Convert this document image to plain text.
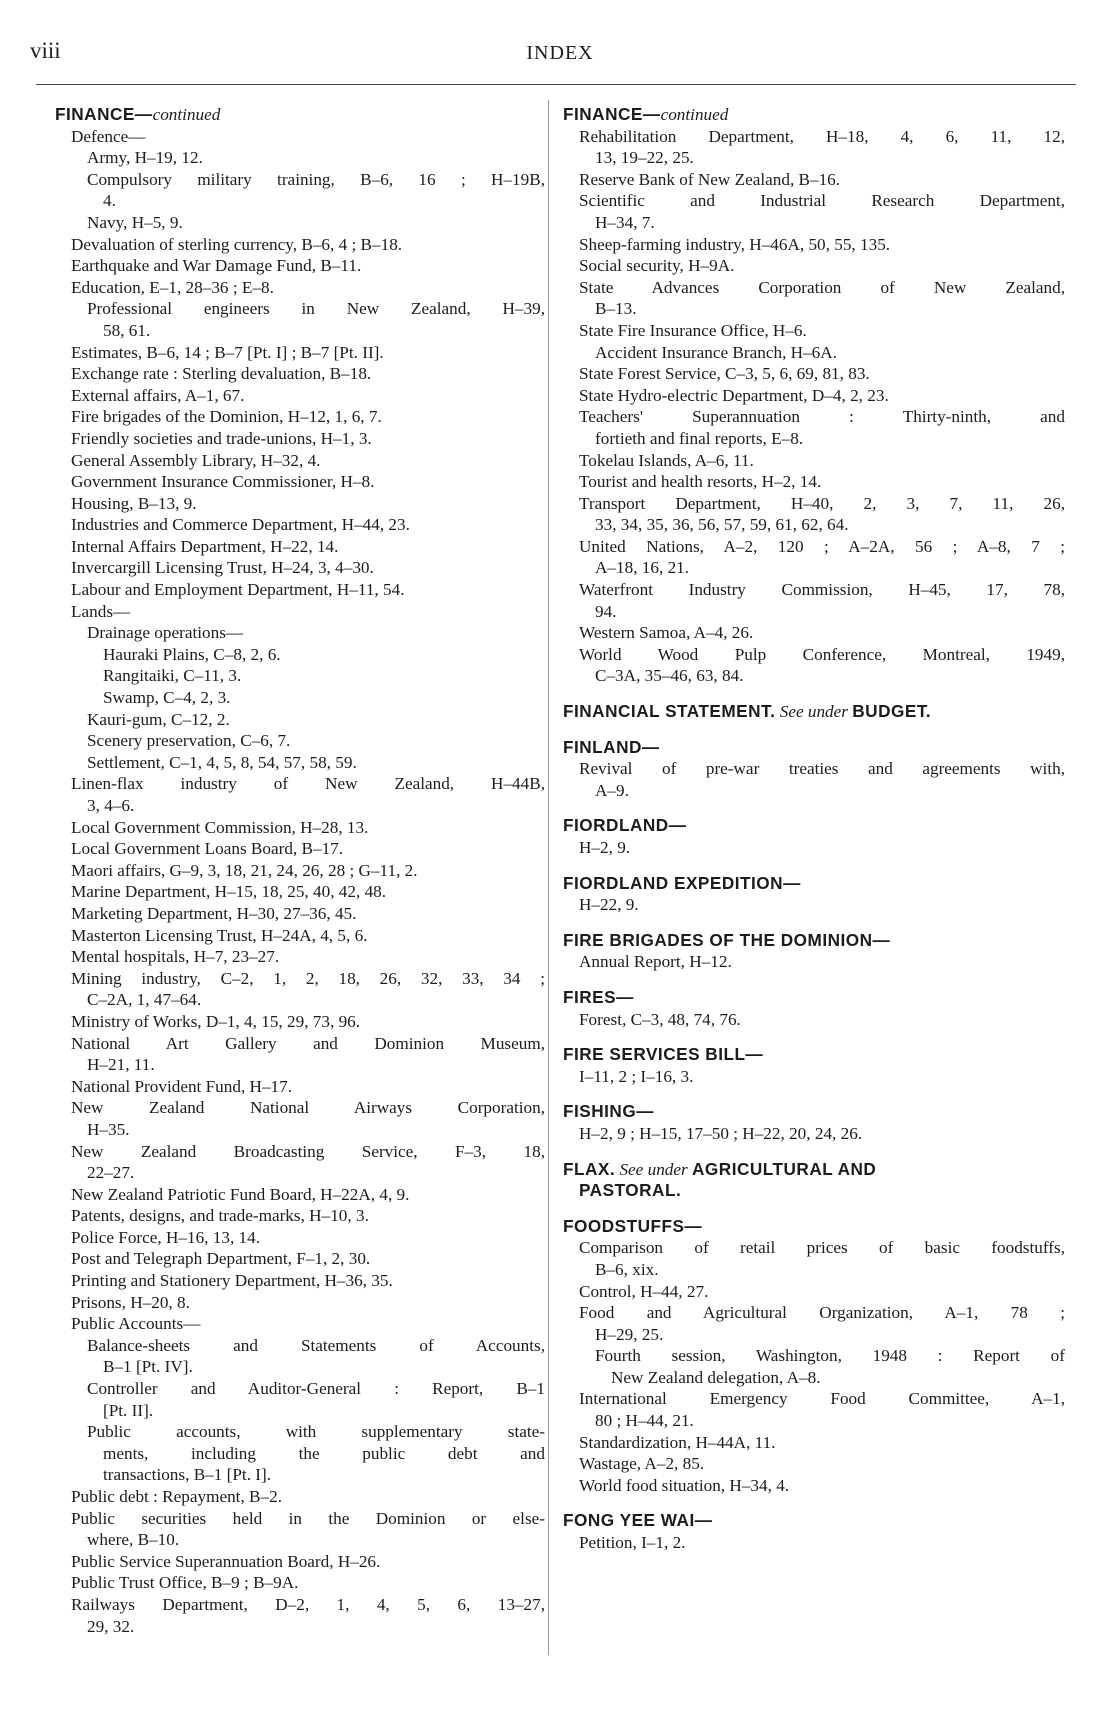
viii	INDEX
FINANCE—continued
Defence—
Army, H–19, 12.
Compulsory military training, B–6, 16 ; H–19B,
4.
Navy, H–5, 9.
Devaluation of sterling currency, B–6, 4 ; B–18.
Earthquake and War Damage Fund, B–11.
Education, E–1, 28–36 ; E–8.
Professional engineers in New Zealand, H–39,
58, 61.
Estimates, B–6, 14 ; B–7 [Pt. I] ; B–7 [Pt. II].
Exchange rate : Sterling devaluation, B–18.
External affairs, A–1, 67.
Fire brigades of the Dominion, H–12, 1, 6, 7.
Friendly societies and trade-unions, H–1, 3.
General Assembly Library, H–32, 4.
Government Insurance Commissioner, H–8.
Housing, B–13, 9.
Industries and Commerce Department, H–44, 23.
Internal Affairs Department, H–22, 14.
Invercargill Licensing Trust, H–24, 3, 4–30.
Labour and Employment Department, H–11, 54.
Lands—
Drainage operations—
Hauraki Plains, C–8, 2, 6.
Rangitaiki, C–11, 3.
Swamp, C–4, 2, 3.
Kauri-gum, C–12, 2.
Scenery preservation, C–6, 7.
Settlement, C–1, 4, 5, 8, 54, 57, 58, 59.
Linen-flax industry of New Zealand, H–44B,
3, 4–6.
Local Government Commission, H–28, 13.
Local Government Loans Board, B–17.
Maori affairs, G–9, 3, 18, 21, 24, 26, 28 ; G–11, 2.
Marine Department, H–15, 18, 25, 40, 42, 48.
Marketing Department, H–30, 27–36, 45.
Masterton Licensing Trust, H–24A, 4, 5, 6.
Mental hospitals, H–7, 23–27.
Mining industry, C–2, 1, 2, 18, 26, 32, 33, 34 ;
C–2A, 1, 47–64.
Ministry of Works, D–1, 4, 15, 29, 73, 96.
National Art Gallery and Dominion Museum,
H–21, 11.
National Provident Fund, H–17.
New Zealand National Airways Corporation,
H–35.
New Zealand Broadcasting Service, F–3, 18,
22–27.
New Zealand Patriotic Fund Board, H–22A, 4, 9.
Patents, designs, and trade-marks, H–10, 3.
Police Force, H–16, 13, 14.
Post and Telegraph Department, F–1, 2, 30.
Printing and Stationery Department, H–36, 35.
Prisons, H–20, 8.
Public Accounts—
Balance-sheets and Statements of Accounts,
B–1 [Pt. IV].
Controller and Auditor-General : Report, B–1
[Pt. II].
Public accounts, with supplementary state-
ments, including the public debt and
transactions, B–1 [Pt. I].
Public debt : Repayment, B–2.
Public securities held in the Dominion or else-
where, B–10.
Public Service Superannuation Board, H–26.
Public Trust Office, B–9 ; B–9A.
Railways Department, D–2, 1, 4, 5, 6, 13–27,
29, 32.
FINANCE—continued
Rehabilitation Department, H–18, 4, 6, 11, 12,
13, 19–22, 25.
Reserve Bank of New Zealand, B–16.
Scientific and Industrial Research Department,
H–34, 7.
Sheep-farming industry, H–46A, 50, 55, 135.
Social security, H–9A.
State Advances Corporation of New Zealand,
B–13.
State Fire Insurance Office, H–6.
Accident Insurance Branch, H–6A.
State Forest Service, C–3, 5, 6, 69, 81, 83.
State Hydro-electric Department, D–4, 2, 23.
Teachers' Superannuation : Thirty-ninth, and
fortieth and final reports, E–8.
Tokelau Islands, A–6, 11.
Tourist and health resorts, H–2, 14.
Transport Department, H–40, 2, 3, 7, 11, 26,
33, 34, 35, 36, 56, 57, 59, 61, 62, 64.
United Nations, A–2, 120 ; A–2A, 56 ; A–8, 7 ;
A–18, 16, 21.
Waterfront Industry Commission, H–45, 17, 78,
94.
Western Samoa, A–4, 26.
World Wood Pulp Conference, Montreal, 1949,
C–3A, 35–46, 63, 84.
FINANCIAL STATEMENT. See under BUDGET.
FINLAND—
Revival of pre-war treaties and agreements with,
A–9.
FIORDLAND—
H–2, 9.
FIORDLAND EXPEDITION—
H–22, 9.
FIRE BRIGADES OF THE DOMINION—
Annual Report, H–12.
FIRES—
Forest, C–3, 48, 74, 76.
FIRE SERVICES BILL—
I–11, 2 ; I–16, 3.
FISHING—
H–2, 9 ; H–15, 17–50 ; H–22, 20, 24, 26.
FLAX. See under AGRICULTURAL AND
PASTORAL.
FOODSTUFFS—
Comparison of retail prices of basic foodstuffs,
B–6, xix.
Control, H–44, 27.
Food and Agricultural Organization, A–1, 78 ;
H–29, 25.
Fourth session, Washington, 1948 : Report of
New Zealand delegation, A–8.
International Emergency Food Committee, A–1,
80 ; H–44, 21.
Standardization, H–44A, 11.
Wastage, A–2, 85.
World food situation, H–34, 4.
FONG YEE WAI—
Petition, I–1, 2.
